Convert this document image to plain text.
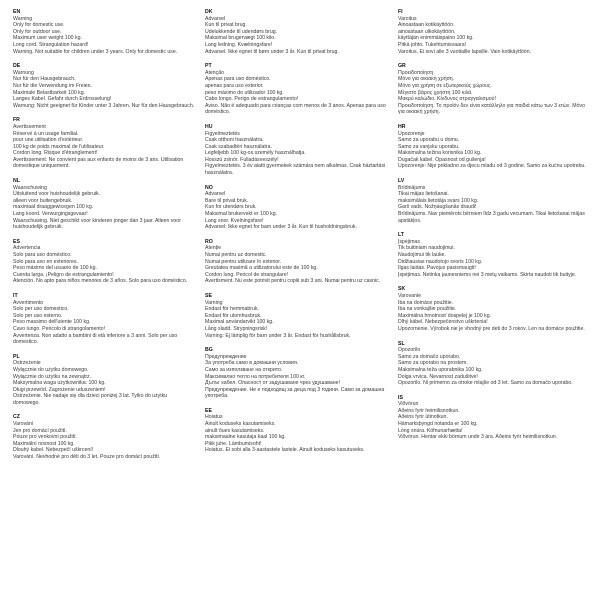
EN
Warning
Only for domestic use.
Only for outdoor use.
Maximum user weight 100 kg.
Long cord. Strangulation hazard!
Warning. Not suitable for children under 3 years. Only for domestic use.
DE
Warnung
Nur für den Hausgebrauch.
Nur für die Verwendung im Freien.
Maximale Belastbarkeit 100 kg.
Langes Kabel. Gefahr durch Erdrosselung!
Warnung: Nicht geeignet für Kinder unter 3 Jahren. Nur für den Hausgebrauch.
FR
Avertissement
Réservé à un usage familial.
pour une utilisation d'extérieur.
100 kg de poids maximal de l'utilisateur.
Cordon long. Risque d'étranglement!
Avertissement. Ne convient pas aux enfants de moins de 3 ans. Utilisation domestique uniquement.
NL
Waarschuwing
Uitsluitend voor huishoudelijk gebruik.
alleen voor buitengebruik.
maximaal draaggewicegen 100 kg.
Lang koord. Verwurgingsgevaar!
Waarschuwing. Niet geschikt voor kinderen jonger dan 3 jaar. Alleen voor huishoudelijk gebruik.
ES
Advertencia
Solo para uso doméstico.
Solo para uso en exteriores.
Peso máximo del usuario de 100 kg.
Cuerda larga. ¡Peligro de estrangulamiento!
Atención. No apto para niños menores de 3 años. Solo para uso doméstico.
IT
Avvertimento
Solo per uso domestico.
Solo per uso esterno.
Peso massimo dell'utente 100 kg.
Cavo lungo. Pericolo di strangolamento!
Avvertenza. Non adatto a bambini di età inferiore a 3 anni. Solo per uso domestico.
PL
Ostrzeżenie
Wyłącznie do użytku domowego.
Wyłącznie do użytku na zewnątrz.
Maksymalna waga użytkownika: 100 kg.
Długi przewód. Zagrożenie uduszeniem!
Ostrzeżenie. Nie nadaje się dla dzieci poniżej 3 lat. Tylko do użytku domowego.
CZ
Varování
Jen pro domácí použití.
Pouze pro venkovní použití.
Maximální nosnost 100 kg.
Dlouhý kabel. Nebezpečí uškrcení!
Varování. Nevhodné pro děti do 3 let. Pouze pro domácí použití.
DK
Advarsel
Kun til privat brug.
Udelukkende til udendørs brug.
Maksimal brugervægt 100 kilo.
Lang ledning. Kvælningsfare!
Advarsel. Ikke egnet til børn under 3 år. Kun til privat brug.
PT
Atenção
Apenas para uso doméstico.
apenas para uso exterior.
peso máximo do utilizador 100 kg.
Cabo longo. Perigo de estrangulamento!
Aviso. Não é adequado para crianças com menos de 3 anos. Apenas para uso doméstico.
HU
Figyelmeztetés
Csak otthoni használatra.
Csak szabadtéri használatra.
Legfeljebb 100 kg-os személy használhatja.
Hosszú zsinór. Fulladásveszély!
Figyelmeztetés. 3 év alatti gyermekek számára nem alkalmas. Csak háztartási használatra.
NO
Advarsel
Bare til privat bruk.
Kun for utendørs bruk.
Maksimal brukervekt er 100 kg.
Lang snor. Kvelningsfare!
Advarsel: Ikke egnet for barn under 3 år. Kun til husholdningsbruk.
RO
Atenție
Numai pentru uz domestic.
Numai pentru utilizare în exterior.
Greutatea maximă a utilizatorului este de 100 kg.
Cordon lung. Pericol de strangulare!
Avertisment. Nu este potrivit pentru copiii sub 3 ani. Numai pentru uz casnic.
SE
Varning
Endast för hemmabruk.
Endast för utomhusbruk.
Maximal användarvikt 100 kg.
Lång sladd. Strypningsrisk!
Varning: Ej lämplig för barn under 3 år. Endast för hushållsbruk.
BG
Предупреждение
За употреба само в домашни условия.
Само за използване на открито.
Максимално тегло на потребителя 100 кг.
Дълъг кабел. Опасност от задушаване чрез удушаване!
Предупреждение. Не е подходящ за деца под 3 години. Само за домашна употреба.
EE
Hoiatus
Ainult koduseks kasutamiseks.
ainult õues kasutamiseks.
maksimaalne kasutaja kaal 100 kg.
Pikk juhe. Lämbumisoht!
Hoiatus. Ei sobi alla 3-aastastele lastele. Ainult koduseks kasutuseks.
FI
Varoitus
Ainoastaan kotikäyttöön.
ainoastaan ulkokäyttöön.
käyttäjän enimmäispaino 100 kg.
Pitkä johto. Tukehtumisvaara!
Varoitus. Ei sovi alle 3 vuotiaille lapsille. Vain kotikäyttöön.
GR
Προειδοποίηση
Μόνο για οικιακή χρήση.
Μόνο για χρήση σε εξωτερικούς χώρους.
Μέγιστο βάρος χρήστη 100 κιλά.
Μακρύ καλώδιο. Κίνδυνος στραγγαλισμού!
Προειδοποίηση. Το προϊόν δεν είναι κατάλληλο για παιδιά κάτω των 3 ετών. Μόνο για οικιακή χρήση.
HR
Upozorenje
Samo za uporabu u domu.
Samo za vanjsku uporabu.
Maksimalna težina korisnika 100 kg.
Dugačak kabel. Opasnost od gušenja!
Upozorenje: Nije prikladno za djecu mlađu od 3 godine. Samo za kućnu upotrebu.
LV
Brīdinājums
Tikai mājas lietošanai.
maksimālais lietotāja svars 100 kg.
Garš vads. Nožņaugšanās draudi!
Brīdinājums. Nav piemērots bērniem līdz 3 gadu vecumam. Tikai lietošanai mājas apstākļos.
LT
Įspėjimas
Tik buitiniam naudojimui.
Naudojimui tik lauke.
Didžiausias naudotojo svoris 100 kg.
Ilgas laidas. Pavojus pasismaugti!
Įspėjimas. Netinka jaunesniems nei 3 metų vaikams. Skirta naudoti tik buityje.
SK
Varovanie
Iba na domáce použitie.
Iba na vonkajšie použitie.
Maximálna hmotnosť dospelej je 100 kg.
Dlhý kábel. Nebezpečenstvo uškrtenia!
Upozornenie. Výrobok nie je vhodný pre deti do 3 rokov. Len na domáce použitie.
SL
Opozorilo
Samo za domačo uporabo.
Samo za uporabo na prostem.
Maksimalna teža uporabnika 100 kg.
Dolga vrvica. Nevarnost zadušitve!
Opozorilo. Ni primerno za otroke mlajše od 3 let. Samo za domačo uporabo.
IS
Viðvörun
Aðeins fyrir heimilisnotkun.
Aðeins fyrir útinotkun.
Hámarksþyngd notanda er 100 kg.
Löng snúra. Köfnunarhætta!
Viðvörun. Hentar ekki börnum undir 3 ára. Aðeins fyrir heimilisnotkun.
